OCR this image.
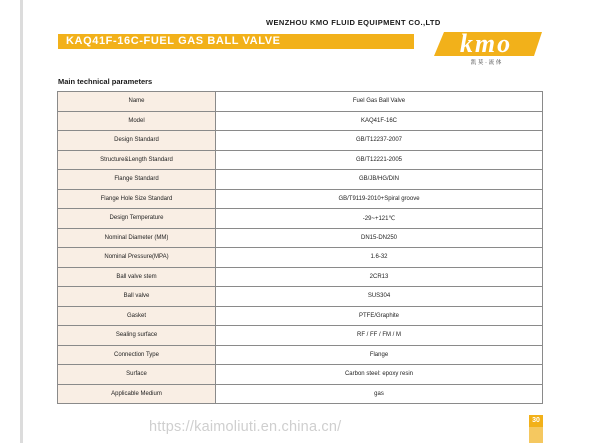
WENZHOU KMO FLUID EQUIPMENT CO.,LTD
KAQ41F-16C-FUEL GAS BALL VALVE	kmo
凯 莫 · 流 体
Main technical parameters
Name	Fuel Gas Ball Valve
Model	KAQ41F-16C
Design Standard	GB/T12237-2007
Structure&Length Standard	GB/T12221-2005
Flange Standard	GB/JB/HG/DIN
Flange Hole Size Standard	GB/T9119-2010+Spiral groove
Design Temperature	-29~+121℃
Nominal Diameter (MM)	DN15-DN250
Nominal Pressure(MPA)	1.6-32
Ball valve stem	2CR13
Ball valve	SUS304
Gasket	PTFE/Graphite
Sealing surface	RF / FF / FM / M
Connection Type	Flange
Surface	Carbon steel: epoxy resin
Applicable Medium	gas
https://kaimoliuti.en.china.cn/	30
